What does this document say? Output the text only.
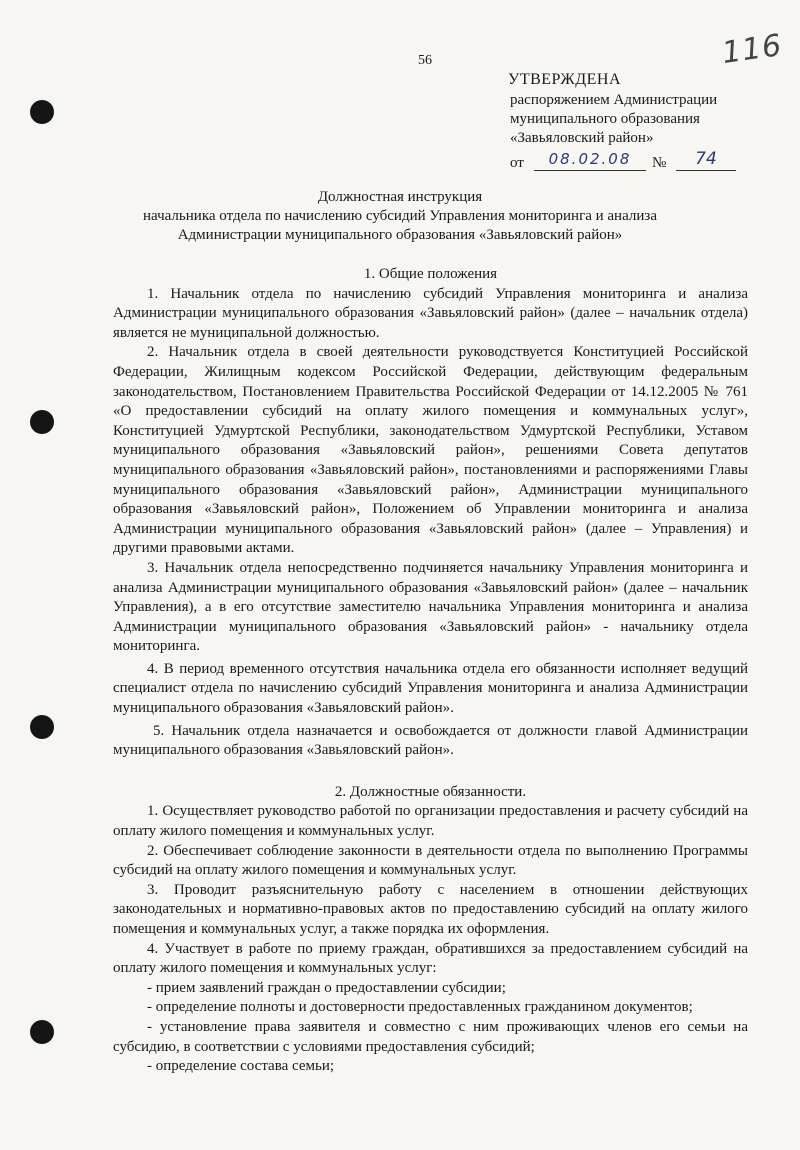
56	116
УТВЕРЖДЕНА
распоряжением Администрации
муниципального образования
«Завьяловский район»
от	08.02.08	№	74
Должностная инструкция
начальника отдела по начислению субсидий Управления мониторинга и анализа
Администрации муниципального образования «Завьяловский район»

1. Общие положения

1. Начальник отдела по начислению субсидий Управления мониторинга и анализа Администрации муниципального образования «Завьяловский район» (далее – начальник отдела) является не муниципальной должностью.

2. Начальник отдела в своей деятельности руководствуется Конституцией Российской Федерации, Жилищным кодексом Российской Федерации, действующим федеральным законодательством, Постановлением Правительства Российской Федерации от 14.12.2005 № 761 «О предоставлении субсидий на оплату жилого помещения и коммунальных услуг», Конституцией Удмуртской Республики, законодательством Удмуртской Республики, Уставом муниципального образования «Завьяловский район», решениями Совета депутатов муниципального образования «Завьяловский район», постановлениями и распоряжениями Главы муниципального образования «Завьяловский район», Администрации муниципального образования «Завьяловский район», Положением об Управлении мониторинга и анализа Администрации муниципального образования «Завьяловский район» (далее – Управления) и другими правовыми актами.

3. Начальник отдела непосредственно подчиняется начальнику Управления мониторинга и анализа Администрации муниципального образования «Завьяловский район» (далее – начальник Управления), а в его отсутствие заместителю начальника Управления мониторинга и анализа Администрации муниципального образования «Завьяловский район» - начальнику отдела мониторинга.

4. В период временного отсутствия начальника отдела его обязанности исполняет ведущий специалист отдела по начислению субсидий Управления мониторинга и анализа Администрации муниципального образования «Завьяловский район».

5. Начальник отдела назначается и освобождается от должности главой Администрации муниципального образования «Завьяловский район».

2. Должностные обязанности.

1. Осуществляет руководство работой по организации предоставления и расчету субсидий на оплату жилого помещения и коммунальных услуг.

2. Обеспечивает соблюдение законности в деятельности отдела по выполнению Программы субсидий на оплату жилого помещения и коммунальных услуг.

3. Проводит разъяснительную работу с населением в отношении действующих законодательных и нормативно-правовых актов по предоставлению субсидий на оплату жилого помещения и коммунальных услуг, а также порядка их оформления.

4. Участвует в работе по приему граждан, обратившихся за предоставлением субсидий на оплату жилого помещения и коммунальных услуг:

- прием заявлений граждан о предоставлении субсидии;

- определение полноты и достоверности предоставленных гражданином документов;

- установление права заявителя и совместно с ним проживающих членов его семьи на субсидию, в соответствии с условиями предоставления субсидий;

- определение состава семьи;
